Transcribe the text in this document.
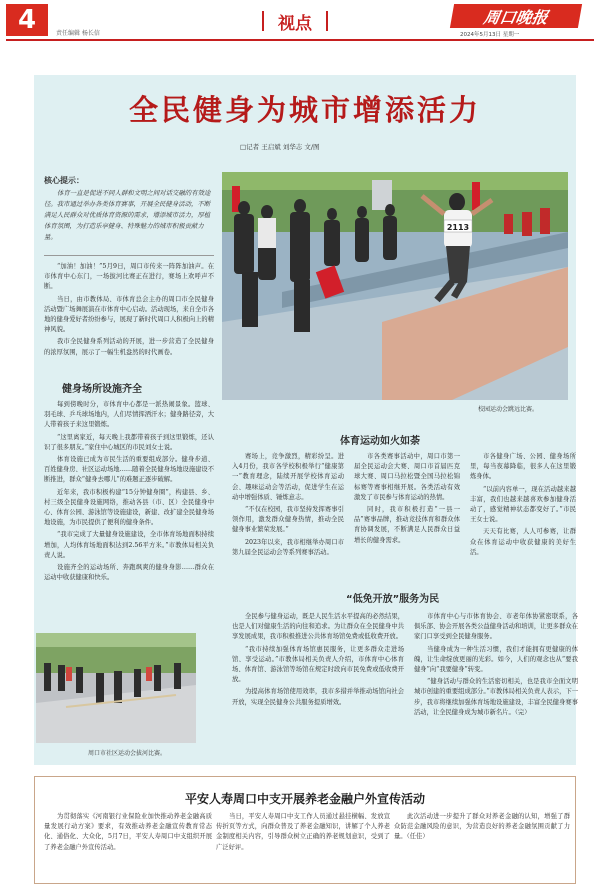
4	责任编辑 杨长信	视点	周口晚报
2024年5月13日 星期一
全民健身为城市增添活力
□记者 王启斌 刘华志 文/图
核心提示：
体育一直是促进不同人群和文明之间对话交融的有效途径。我市通过举办各类体育赛事，开展全民健身活动，不断满足人民群众对优质体育资源的需求，增添城市活力，厚植体育氛围，为打造乐享健身、特殊魅力的城市积极贡献力量。

“加油！加油！”5月9日，周口市传来一阵阵加油声。在市体育中心东门，一场拔河比赛正在进行，赛场上欢呼声不断。

当日，由市教体局、市体育总会主办的周口市全民健身活动暨广场舞展演在市体育中心启动。活动现场，来自全市各地的健身爱好者纷纷参与，展现了新时代周口人积极向上的精神风貌。

我市全民健身系列活动的开展，进一步营造了全民健身的浓厚氛围，展示了一幅生机盎然的时代画卷。

健身场所设施齐全

每到傍晚时分，市体育中心都是一派热闹景象。篮球、羽毛球、乒乓球场地内，人们尽情挥洒汗水；健身路径旁，大人带着孩子来这里锻炼。

“这里离家近，每天晚上我都带着孩子到这里锻炼，还认识了很多朋友。”家住中心城区的市民刘女士说。

体育设施已成为市民生活的重要组成部分。健身步道、百姓健身房、社区运动场地……随着全民健身场地设施建设不断推进，群众“健身去哪儿”的难题正逐步破解。

近年来，我市积极构建“15分钟健身圈”，构建县、乡、村三级全民健身设施网络，推动各县（市、区）全民健身中心、体育公园、游泳馆等设施建设，新建、改扩建全民健身场地设施，为市民提供了便利的健身条件。

“我市完成了大量健身设施建设，全市体育场地面积持续增加，人均体育场地面积达到2.56平方米。”市教体局相关负责人说。

设施齐全的运动场所、奔跑飒爽的健身身影……群众在运动中收获健康和快乐。

2113
校园运动会跳远比赛。
周口市社区运动会拔河比赛。
体育运动如火如荼

赛场上，竞争激烈，精彩纷呈。进入4月份，我市各学校积极举行“健康第一”教育理念，陆续开展学校体育运动会、趣味运动会等活动，促进学生在运动中增强体质、锤炼意志。

“不仅在校园，我市坚持发挥赛事引领作用，激发群众健身热情，推动全民健身事业繁荣发展。”

2023年以来，我市相继举办周口市第九届全民运动会等系列赛事活动。

市各类赛事活动中，周口市第一届全民运动会大赛、周口市首届匹克球大赛、周口马拉松暨全国马拉松锦标赛等赛事相继开展。各类活动有效激发了市民参与体育运动的热情。

同时，我市积极打造“一县一品”赛事品牌，推动竞技体育和群众体育协调发展，不断满足人民群众日益增长的健身需求。

市各健身广场、公园、健身场所里，每当夜幕降临，很多人在这里锻炼身体。

“以前内容单一，现在活动越来越丰富，我们也越来越喜欢参加健身活动了，感觉精神状态都变好了。”市民王女士说。

天天有比赛，人人可参赛，让群众在体育运动中收获健康的美好生活。

“低免开放”服务为民

全民参与健身运动，既是人民生活水平提高的必然结果，也是人们对健康生活的向往和追求。为让群众在全民健身中共享发展成果，我市积极推进公共体育场馆免费或低收费开放。

“我市持续加强体育场馆惠民服务，让更多群众走进场馆、享受运动。”市教体局相关负责人介绍，市体育中心体育场、体育馆、游泳馆等场馆在规定时段向市民免费或低收费开放。

为提高体育场馆使用效率，我市多措并举推动场馆向社会开放，实现全民健身公共服务提质增效。

市体育中心与市体育协会、市老年体协紧密联系，各俱乐部、协会开展各类公益健身活动和培训，让更多群众在家门口享受到全民健身服务。

当健身成为一种生活习惯，我们才能拥有更健康的体魄，让生命绽放更丽的光彩。如今，人们的观念也从“要我健身”向“我要健身”转变。

“健身活动与群众的生活密切相关，也是我市全面文明城市创建的重要组成部分。”市教体局相关负责人表示，下一步，我市将继续加强体育场地设施建设，丰富全民健身赛事活动，让全民健身成为城市新名片。（完）

平安人寿周口中支开展养老金融户外宣传活动

为贯彻落实《河南银行业保险业加快推动养老金融高质量发展行动方案》要求，有效推动养老金融宣传教育常态化、通俗化、大众化，5月7日，平安人寿周口中支组织开展了养老金融户外宣传活动。

当日，平安人寿周口中支工作人员通过悬挂横幅、发放宣传折页等方式，向群众普及了养老金融知识，讲解了个人养老金制度相关内容，引导群众树立正确的养老规划意识，受到了广泛好评。

此次活动进一步提升了群众对养老金融的认知，增强了群众防范金融风险的意识，为营造良好的养老金融氛围贡献了力量。（任佳）
